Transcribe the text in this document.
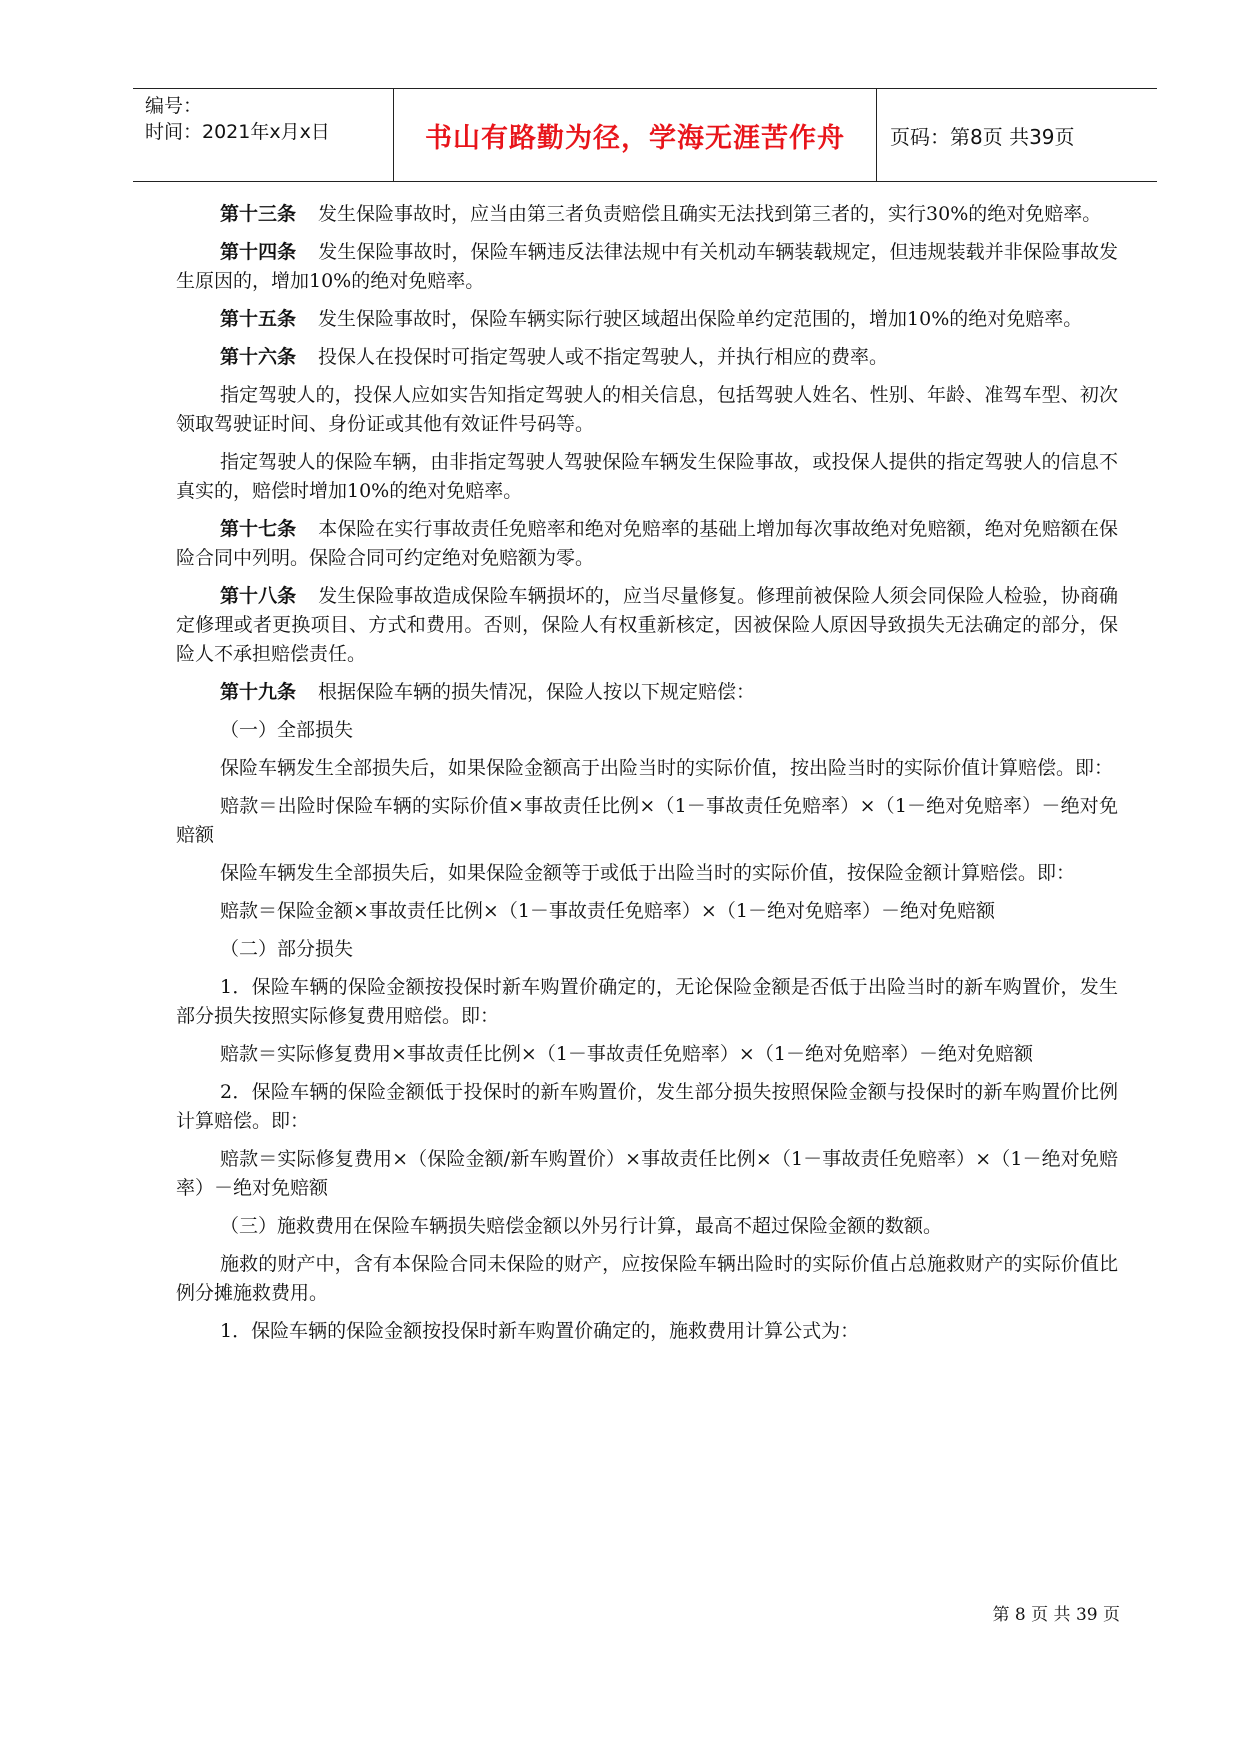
编号：
时间：2021年x月x日	书山有路勤为径，学海无涯苦作舟	页码：第8页 共39页

第十三条 发生保险事故时，应当由第三者负责赔偿且确实无法找到第三者的，实行30%的绝对免赔率。

第十四条 发生保险事故时，保险车辆违反法律法规中有关机动车辆装载规定，但违规装载并非保险事故发生原因的，增加10%的绝对免赔率。

第十五条 发生保险事故时，保险车辆实际行驶区域超出保险单约定范围的，增加10%的绝对免赔率。

第十六条 投保人在投保时可指定驾驶人或不指定驾驶人，并执行相应的费率。

指定驾驶人的，投保人应如实告知指定驾驶人的相关信息，包括驾驶人姓名、性别、年龄、准驾车型、初次领取驾驶证时间、身份证或其他有效证件号码等。

指定驾驶人的保险车辆，由非指定驾驶人驾驶保险车辆发生保险事故，或投保人提供的指定驾驶人的信息不真实的，赔偿时增加10%的绝对免赔率。

第十七条 本保险在实行事故责任免赔率和绝对免赔率的基础上增加每次事故绝对免赔额，绝对免赔额在保险合同中列明。保险合同可约定绝对免赔额为零。

第十八条 发生保险事故造成保险车辆损坏的，应当尽量修复。修理前被保险人须会同保险人检验，协商确定修理或者更换项目、方式和费用。否则，保险人有权重新核定，因被保险人原因导致损失无法确定的部分，保险人不承担赔偿责任。

第十九条 根据保险车辆的损失情况，保险人按以下规定赔偿：

（一）全部损失

保险车辆发生全部损失后，如果保险金额高于出险当时的实际价值，按出险当时的实际价值计算赔偿。即：

赔款＝出险时保险车辆的实际价值×事故责任比例×（1－事故责任免赔率）×（1－绝对免赔率）－绝对免赔额

保险车辆发生全部损失后，如果保险金额等于或低于出险当时的实际价值，按保险金额计算赔偿。即：

赔款＝保险金额×事故责任比例×（1－事故责任免赔率）×（1－绝对免赔率）－绝对免赔额

（二）部分损失

1．保险车辆的保险金额按投保时新车购置价确定的，无论保险金额是否低于出险当时的新车购置价，发生部分损失按照实际修复费用赔偿。即：

赔款＝实际修复费用×事故责任比例×（1－事故责任免赔率）×（1－绝对免赔率）－绝对免赔额

2．保险车辆的保险金额低于投保时的新车购置价，发生部分损失按照保险金额与投保时的新车购置价比例计算赔偿。即：

赔款＝实际修复费用×（保险金额/新车购置价）×事故责任比例×（1－事故责任免赔率）×（1－绝对免赔率）－绝对免赔额

（三）施救费用在保险车辆损失赔偿金额以外另行计算，最高不超过保险金额的数额。

施救的财产中，含有本保险合同未保险的财产，应按保险车辆出险时的实际价值占总施救财产的实际价值比例分摊施救费用。

1．保险车辆的保险金额按投保时新车购置价确定的，施救费用计算公式为：

第 8 页 共 39 页
